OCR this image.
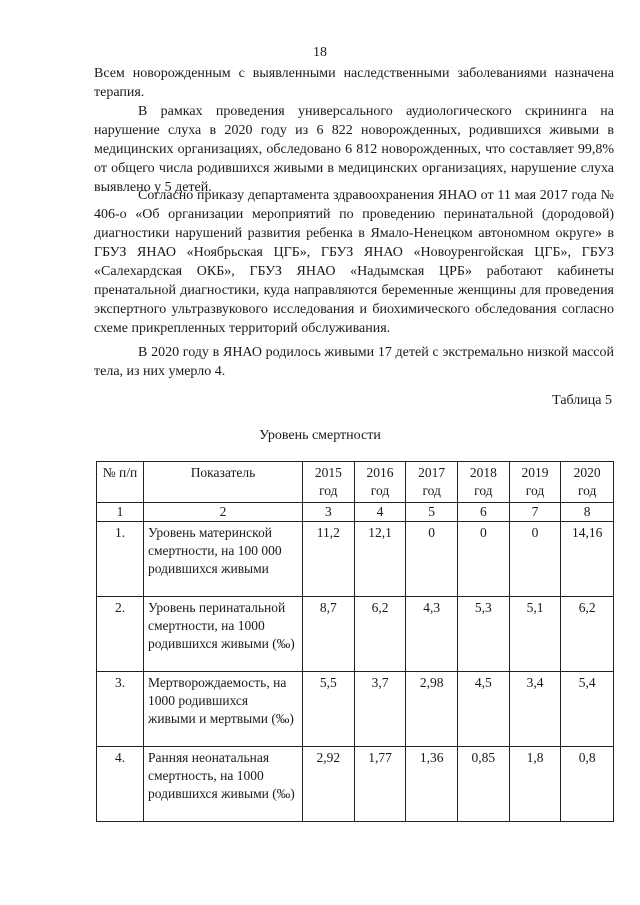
18
Всем новорожденным с выявленными наследственными заболеваниями назначена терапия.
В рамках проведения универсального аудиологического скрининга на нарушение слуха в 2020 году из 6 822 новорожденных, родившихся живыми в медицинских организациях, обследовано 6 812 новорожденных, что составляет 99,8% от общего числа родившихся живыми в медицинских организациях, нарушение слуха выявлено у 5 детей.
Согласно приказу департамента здравоохранения ЯНАО от 11 мая 2017 года № 406-о «Об организации мероприятий по проведению перинатальной (дородовой) диагностики нарушений развития ребенка в Ямало-Ненецком автономном округе» в ГБУЗ ЯНАО «Ноябрьская ЦГБ», ГБУЗ ЯНАО «Новоуренгойская ЦГБ», ГБУЗ «Салехардская ОКБ», ГБУЗ ЯНАО «Надымская ЦРБ» работают кабинеты пренатальной диагностики, куда направляются беременные женщины для проведения экспертного ультразвукового исследования и биохимического обследования согласно схеме прикрепленных территорий обслуживания.
В 2020 году в ЯНАО родилось живыми 17 детей с экстремально низкой массой тела, из них умерло 4.
Таблица 5
Уровень смертности
№ п/п	Показатель	2015 год	2016 год	2017 год	2018 год	2019 год	2020 год
1	2	3	4	5	6	7	8
1.	Уровень материнской смертности, на 100 000 родившихся живыми	11,2	12,1	0	0	0	14,16
2.	Уровень перинатальной смертности, на 1000 родившихся живыми (‰)	8,7	6,2	4,3	5,3	5,1	6,2
3.	Мертворождаемость, на 1000 родившихся живыми и мертвыми (‰)	5,5	3,7	2,98	4,5	3,4	5,4
4.	Ранняя неонатальная смертность, на 1000 родившихся живыми (‰)	2,92	1,77	1,36	0,85	1,8	0,8
